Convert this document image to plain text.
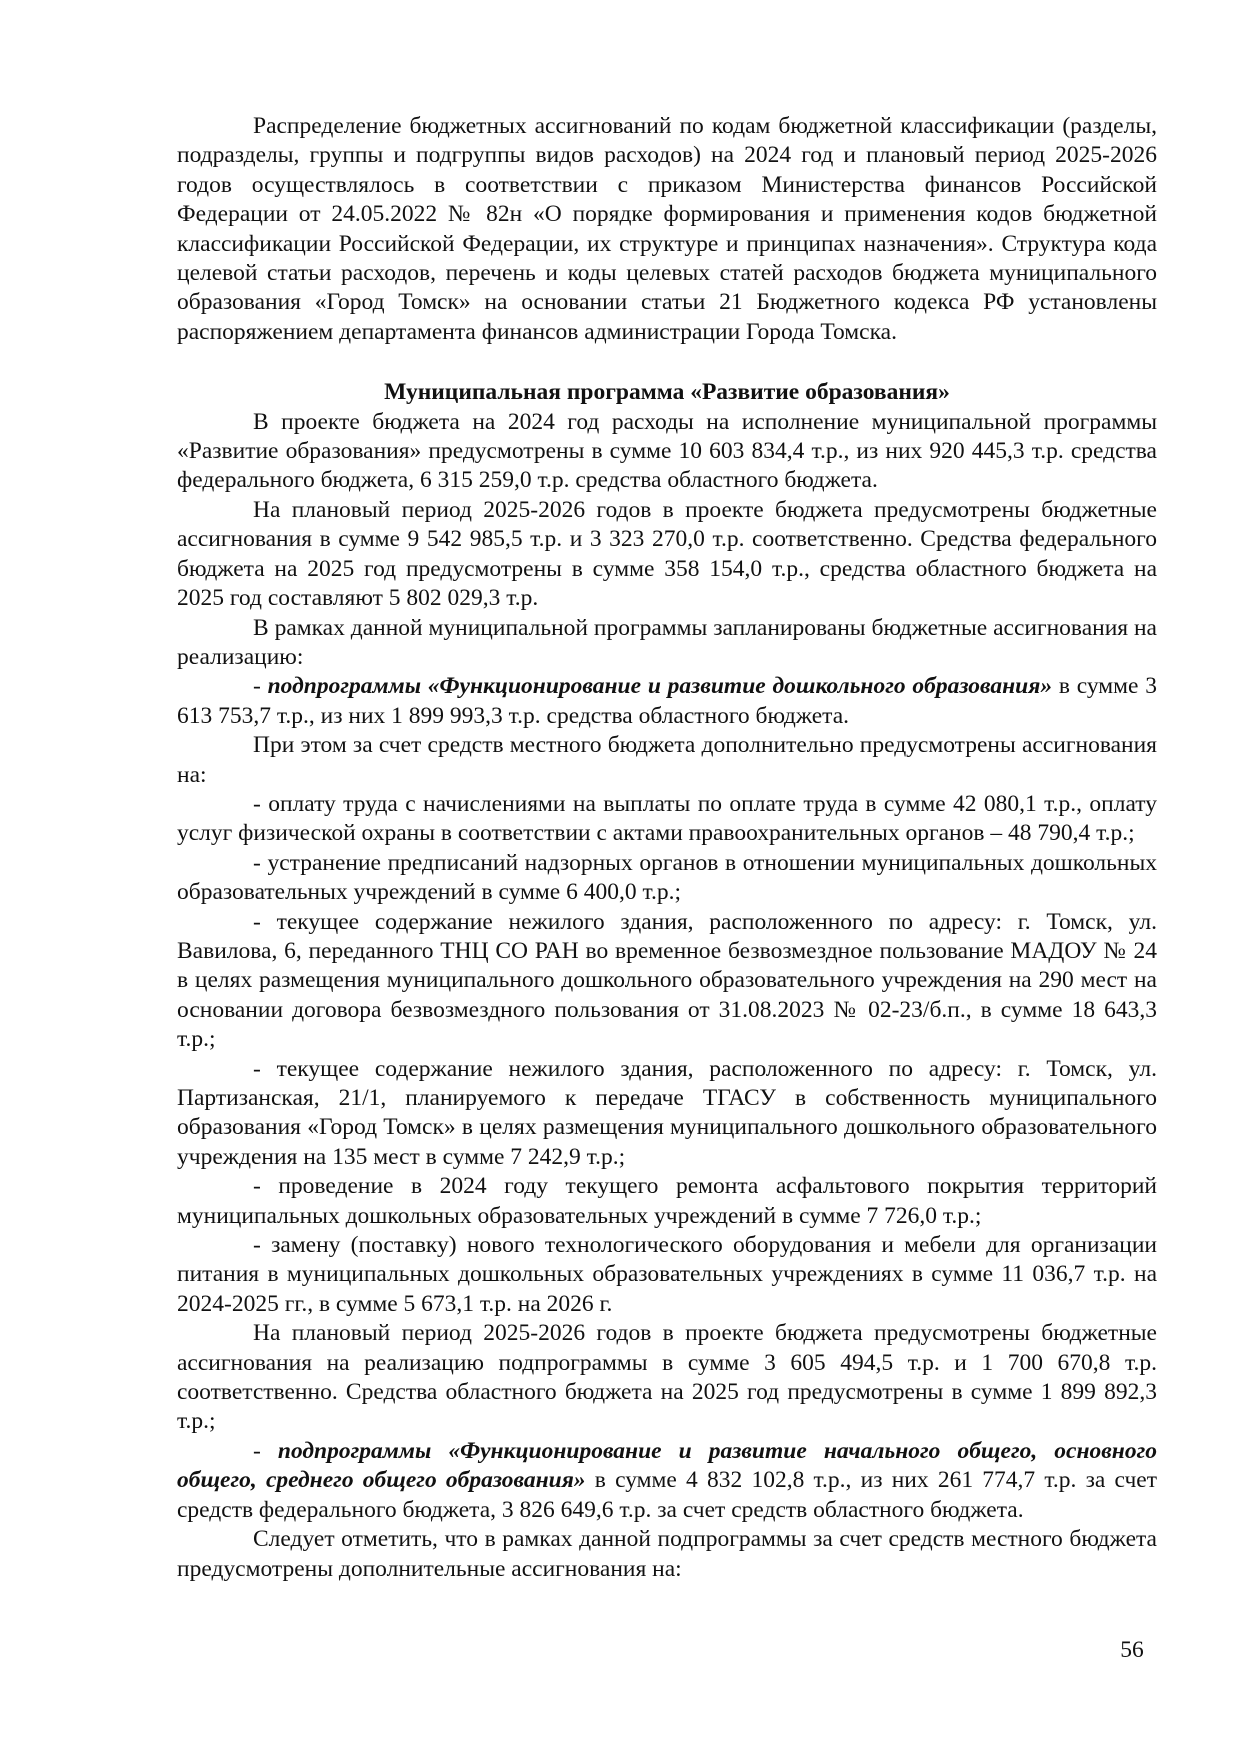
Распределение бюджетных ассигнований по кодам бюджетной классификации (разделы, подразделы, группы и подгруппы видов расходов) на 2024 год и плановый период 2025-2026 годов осуществлялось в соответствии с приказом Министерства финансов Российской Федерации от 24.05.2022 № 82н «О порядке формирования и применения кодов бюджетной классификации Российской Федерации, их структуре и принципах назначения». Структура кода целевой статьи расходов, перечень и коды целевых статей расходов бюджета муниципального образования «Город Томск» на основании статьи 21 Бюджетного кодекса РФ установлены распоряжением департамента финансов администрации Города Томска.

Муниципальная программа «Развитие образования»

В проекте бюджета на 2024 год расходы на исполнение муниципальной программы «Развитие образования» предусмотрены в сумме 10 603 834,4 т.р., из них 920 445,3 т.р. средства федерального бюджета, 6 315 259,0 т.р. средства областного бюджета.

На плановый период 2025-2026 годов в проекте бюджета предусмотрены бюджетные ассигнования в сумме 9 542 985,5 т.р. и 3 323 270,0 т.р. соответственно. Средства федерального бюджета на 2025 год предусмотрены в сумме 358 154,0 т.р., средства областного бюджета на 2025 год составляют 5 802 029,3 т.р.

В рамках данной муниципальной программы запланированы бюджетные ассигнования на реализацию:

- подпрограммы «Функционирование и развитие дошкольного образования» в сумме 3 613 753,7 т.р., из них 1 899 993,3 т.р. средства областного бюджета.

При этом за счет средств местного бюджета дополнительно предусмотрены ассигнования на:

- оплату труда с начислениями на выплаты по оплате труда в сумме 42 080,1 т.р., оплату услуг физической охраны в соответствии с актами правоохранительных органов – 48 790,4 т.р.;

- устранение предписаний надзорных органов в отношении муниципальных дошкольных образовательных учреждений в сумме 6 400,0 т.р.;

- текущее содержание нежилого здания, расположенного по адресу: г. Томск, ул. Вавилова, 6, переданного ТНЦ СО РАН во временное безвозмездное пользование МАДОУ № 24 в целях размещения муниципального дошкольного образовательного учреждения на 290 мест на основании договора безвозмездного пользования от 31.08.2023 № 02-23/б.п., в сумме 18 643,3 т.р.;

- текущее содержание нежилого здания, расположенного по адресу: г. Томск, ул. Партизанская, 21/1, планируемого к передаче ТГАСУ в собственность муниципального образования «Город Томск» в целях размещения муниципального дошкольного образовательного учреждения на 135 мест в сумме 7 242,9 т.р.;

- проведение в 2024 году текущего ремонта асфальтового покрытия территорий муниципальных дошкольных образовательных учреждений в сумме 7 726,0 т.р.;

- замену (поставку) нового технологического оборудования и мебели для организации питания в муниципальных дошкольных образовательных учреждениях в сумме 11 036,7 т.р. на 2024-2025 гг., в сумме 5 673,1 т.р. на 2026 г.

На плановый период 2025-2026 годов в проекте бюджета предусмотрены бюджетные ассигнования на реализацию подпрограммы в сумме 3 605 494,5 т.р. и 1 700 670,8 т.р. соответственно. Средства областного бюджета на 2025 год предусмотрены в сумме 1 899 892,3 т.р.;

- подпрограммы «Функционирование и развитие начального общего, основного общего, среднего общего образования» в сумме 4 832 102,8 т.р., из них 261 774,7 т.р. за счет средств федерального бюджета, 3 826 649,6 т.р. за счет средств областного бюджета.

Следует отметить, что в рамках данной подпрограммы за счет средств местного бюджета предусмотрены дополнительные ассигнования на:

56
